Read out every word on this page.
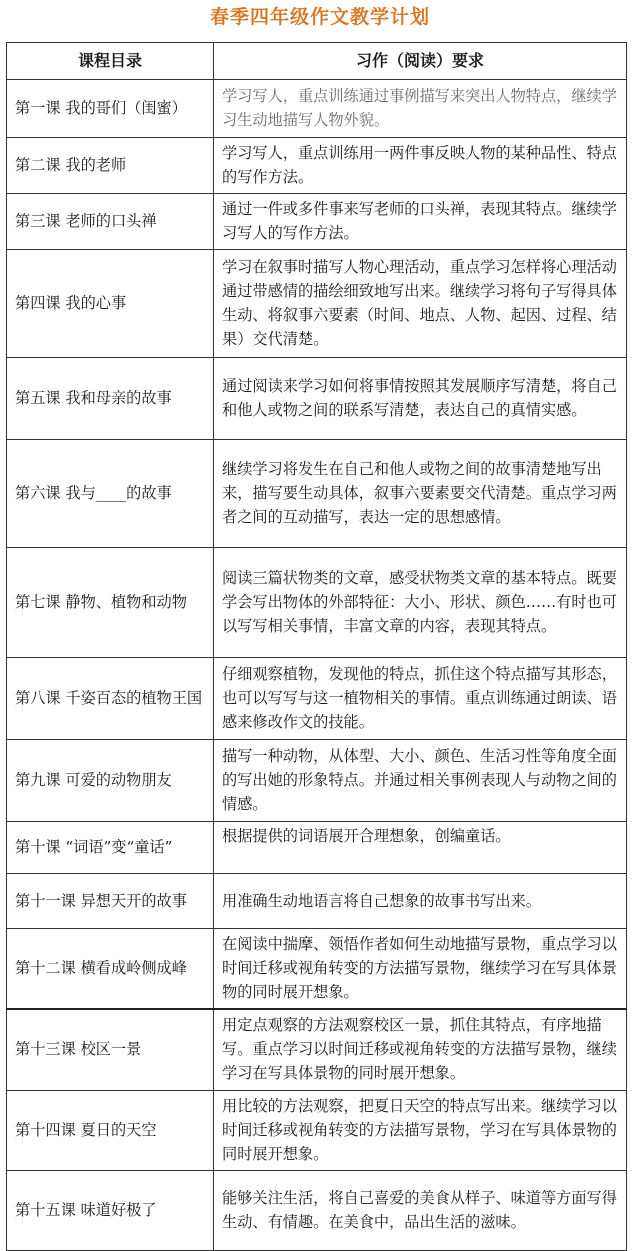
春季四年级作文教学计划
课程目录	习作（阅读）要求
第一课 我的哥们（闺蜜）	学习写人，重点训练通过事例描写来突出人物特点，继续学习生动地描写人物外貌。
第二课 我的老师	学习写人，重点训练用一两件事反映人物的某种品性、特点的写作方法。
第三课 老师的口头禅	通过一件或多件事来写老师的口头禅，表现其特点。继续学习写人的写作方法。
第四课 我的心事	学习在叙事时描写人物心理活动，重点学习怎样将心理活动通过带感情的描绘细致地写出来。继续学习将句子写得具体生动、将叙事六要素（时间、地点、人物、起因、过程、结果）交代清楚。
第五课 我和母亲的故事	通过阅读来学习如何将事情按照其发展顺序写清楚，将自己和他人或物之间的联系写清楚，表达自己的真情实感。
第六课 我与____的故事	继续学习将发生在自己和他人或物之间的故事清楚地写出来，描写要生动具体，叙事六要素要交代清楚。重点学习两者之间的互动描写，表达一定的思想感情。
第七课 静物、植物和动物	阅读三篇状物类的文章，感受状物类文章的基本特点。既要学会写出物体的外部特征：大小、形状、颜色……有时也可以写写相关事情，丰富文章的内容，表现其特点。
第八课 千姿百态的植物王国	仔细观察植物，发现他的特点，抓住这个特点描写其形态，也可以写写与这一植物相关的事情。重点训练通过朗读、语感来修改作文的技能。
第九课 可爱的动物朋友	描写一种动物，从体型、大小、颜色、生活习性等角度全面的写出她的形象特点。并通过相关事例表现人与动物之间的情感。
第十课 “词语”变“童话”	根据提供的词语展开合理想象，创编童话。
第十一课 异想天开的故事	用准确生动地语言将自己想象的故事书写出来。
第十二课 横看成岭侧成峰	在阅读中揣摩、领悟作者如何生动地描写景物，重点学习以时间迁移或视角转变的方法描写景物，继续学习在写具体景物的同时展开想象。
第十三课 校区一景	用定点观察的方法观察校区一景，抓住其特点，有序地描写。重点学习以时间迁移或视角转变的方法描写景物，继续学习在写具体景物的同时展开想象。
第十四课 夏日的天空	用比较的方法观察，把夏日天空的特点写出来。继续学习以时间迁移或视角转变的方法描写景物，学习在写具体景物的同时展开想象。
第十五课 味道好极了	能够关注生活，将自己喜爱的美食从样子、味道等方面写得生动、有情趣。在美食中，品出生活的滋味。
